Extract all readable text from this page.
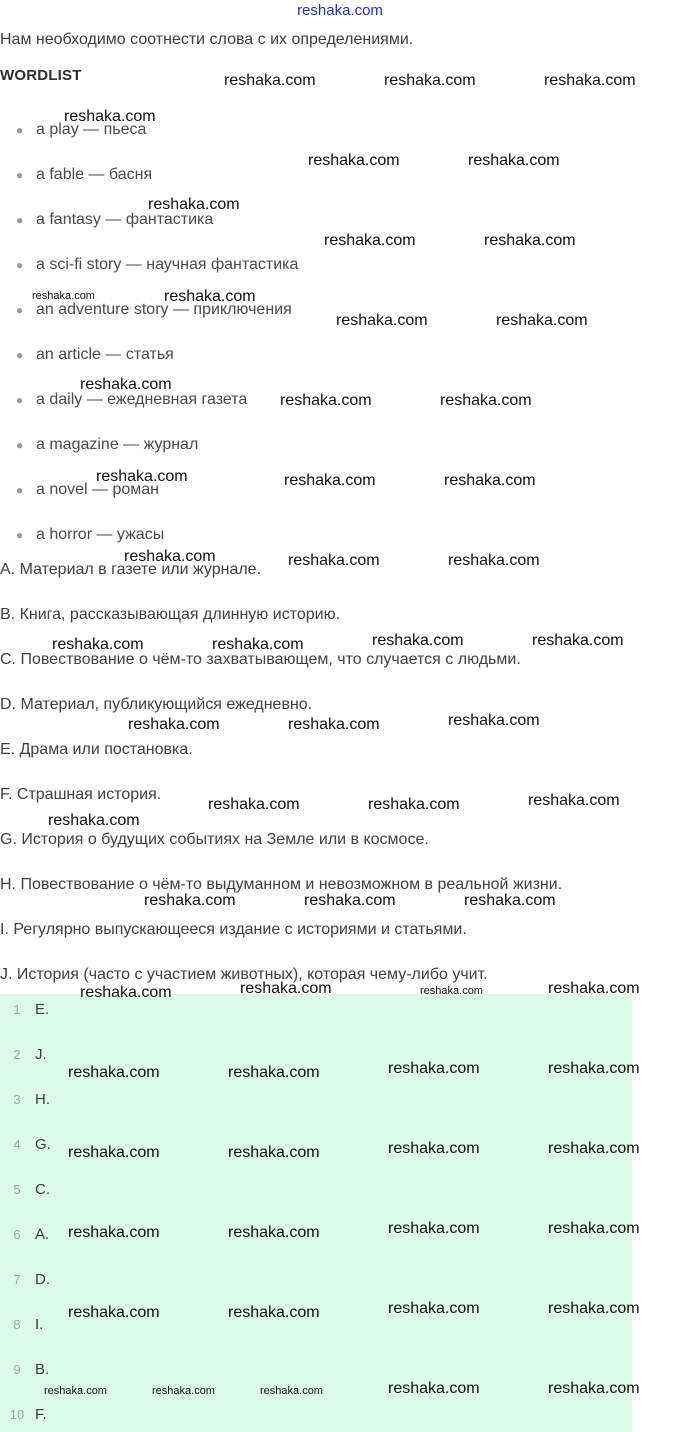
reshaka.com
Нам необходимо соотнести слова с их определениями.
WORDLIST
● a play — пьеса
● a fable — басня
● a fantasy — фантастика
● a sci-fi story — научная фантастика
● an adventure story — приключения
● an article — статья
● a daily — ежедневная газета
● a magazine — журнал
● a novel — роман
● a horror — ужасы
A. Материал в газете или журнале.
B. Книга, рассказывающая длинную историю.
C. Повествование о чём-то захватывающем, что случается с людьми.
D. Материал, публикующийся ежедневно.
E. Драма или постановка.
F. Страшная история.
G. История о будущих событиях на Земле или в космосе.
H. Повествование о чём-то выдуманном и невозможном в реальной жизни.
I. Регулярно выпускающееся издание с историями и статьями.
J. История (часто с участием животных), которая чему-либо учит.
1 E.
2 J.
3 H.
4 G.
5 C.
6 A.
7 D.
8 I.
9 B.
10 F.
reshaka.com	reshaka.com	reshaka.com
reshaka.com
reshaka.com	reshaka.com
reshaka.com
reshaka.com	reshaka.com
reshaka.com	reshaka.com
reshaka.com	reshaka.com
reshaka.com
reshaka.com	reshaka.com
reshaka.com	reshaka.com	reshaka.com
reshaka.com	reshaka.com	reshaka.com
reshaka.com	reshaka.com	reshaka.com	reshaka.com
reshaka.com	reshaka.com	reshaka.com
reshaka.com	reshaka.com	reshaka.com
reshaka.com
reshaka.com	reshaka.com	reshaka.com
reshaka.com	reshaka.com	reshaka.com	reshaka.com
reshaka.com	reshaka.com	reshaka.com	reshaka.com
reshaka.com	reshaka.com	reshaka.com	reshaka.com
reshaka.com	reshaka.com	reshaka.com	reshaka.com
reshaka.com	reshaka.com	reshaka.com	reshaka.com
reshaka.com	reshaka.com	reshaka.com	reshaka.com	reshaka.com
